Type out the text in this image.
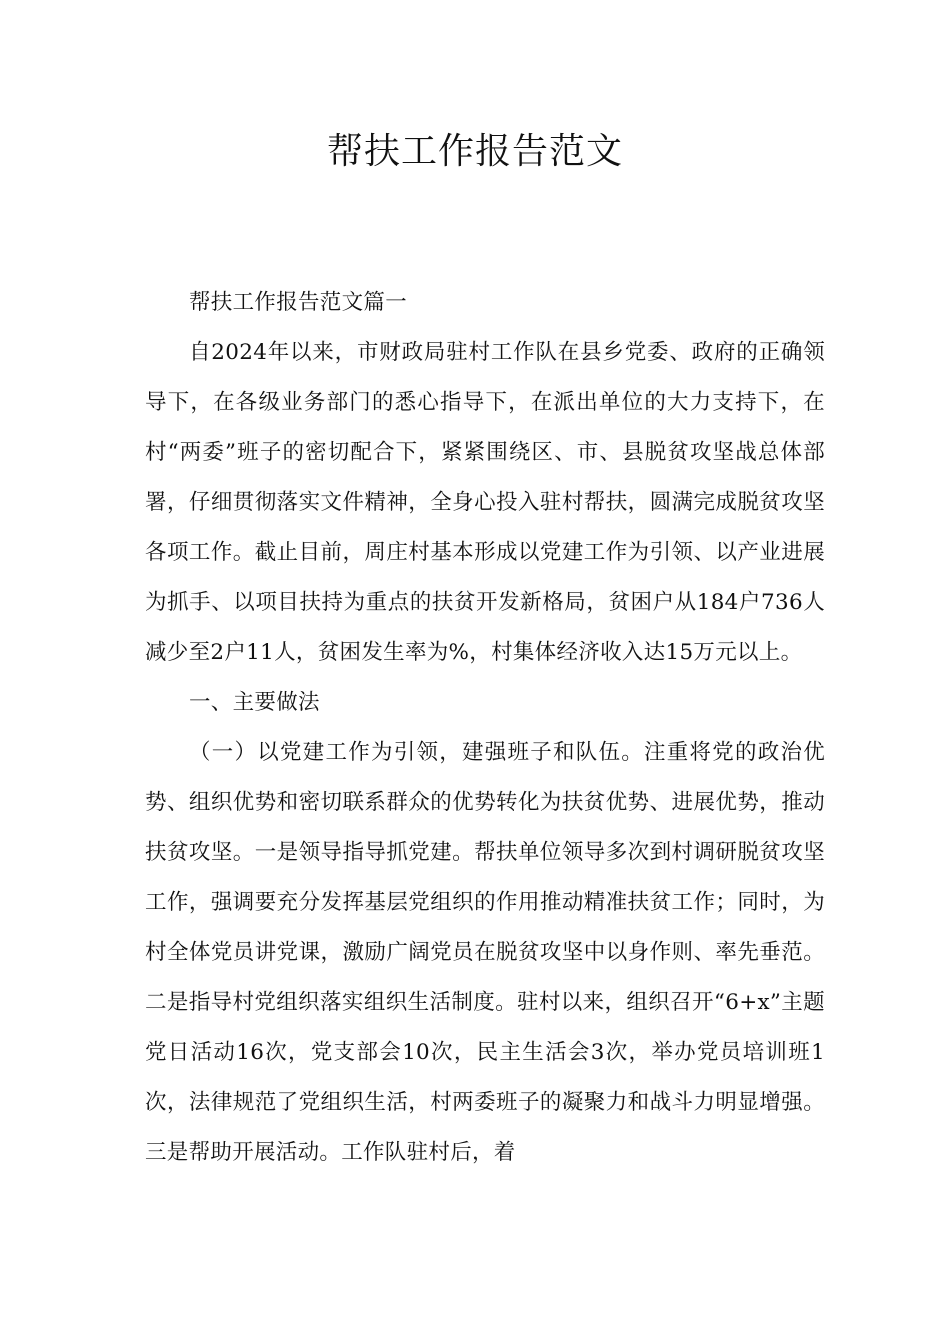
帮扶工作报告范文

帮扶工作报告范文篇一

自2024年以来，市财政局驻村工作队在县乡党委、政府的正确领导下，在各级业务部门的悉心指导下，在派出单位的大力支持下，在村“两委”班子的密切配合下，紧紧围绕区、市、县脱贫攻坚战总体部署，仔细贯彻落实文件精神，全身心投入驻村帮扶，圆满完成脱贫攻坚各项工作。截止目前，周庄村基本形成以党建工作为引领、以产业进展为抓手、以项目扶持为重点的扶贫开发新格局，贫困户从184户736人减少至2户11人，贫困发生率为%，村集体经济收入达15万元以上。

一、主要做法

（一）以党建工作为引领，建强班子和队伍。注重将党的政治优势、组织优势和密切联系群众的优势转化为扶贫优势、进展优势，推动扶贫攻坚。一是领导指导抓党建。帮扶单位领导多次到村调研脱贫攻坚工作，强调要充分发挥基层党组织的作用推动精准扶贫工作；同时，为村全体党员讲党课，激励广阔党员在脱贫攻坚中以身作则、率先垂范。二是指导村党组织落实组织生活制度。驻村以来，组织召开“6+x”主题党日活动16次，党支部会10次，民主生活会3次，举办党员培训班1次，法律规范了党组织生活，村两委班子的凝聚力和战斗力明显增强。三是帮助开展活动。工作队驻村后，着
